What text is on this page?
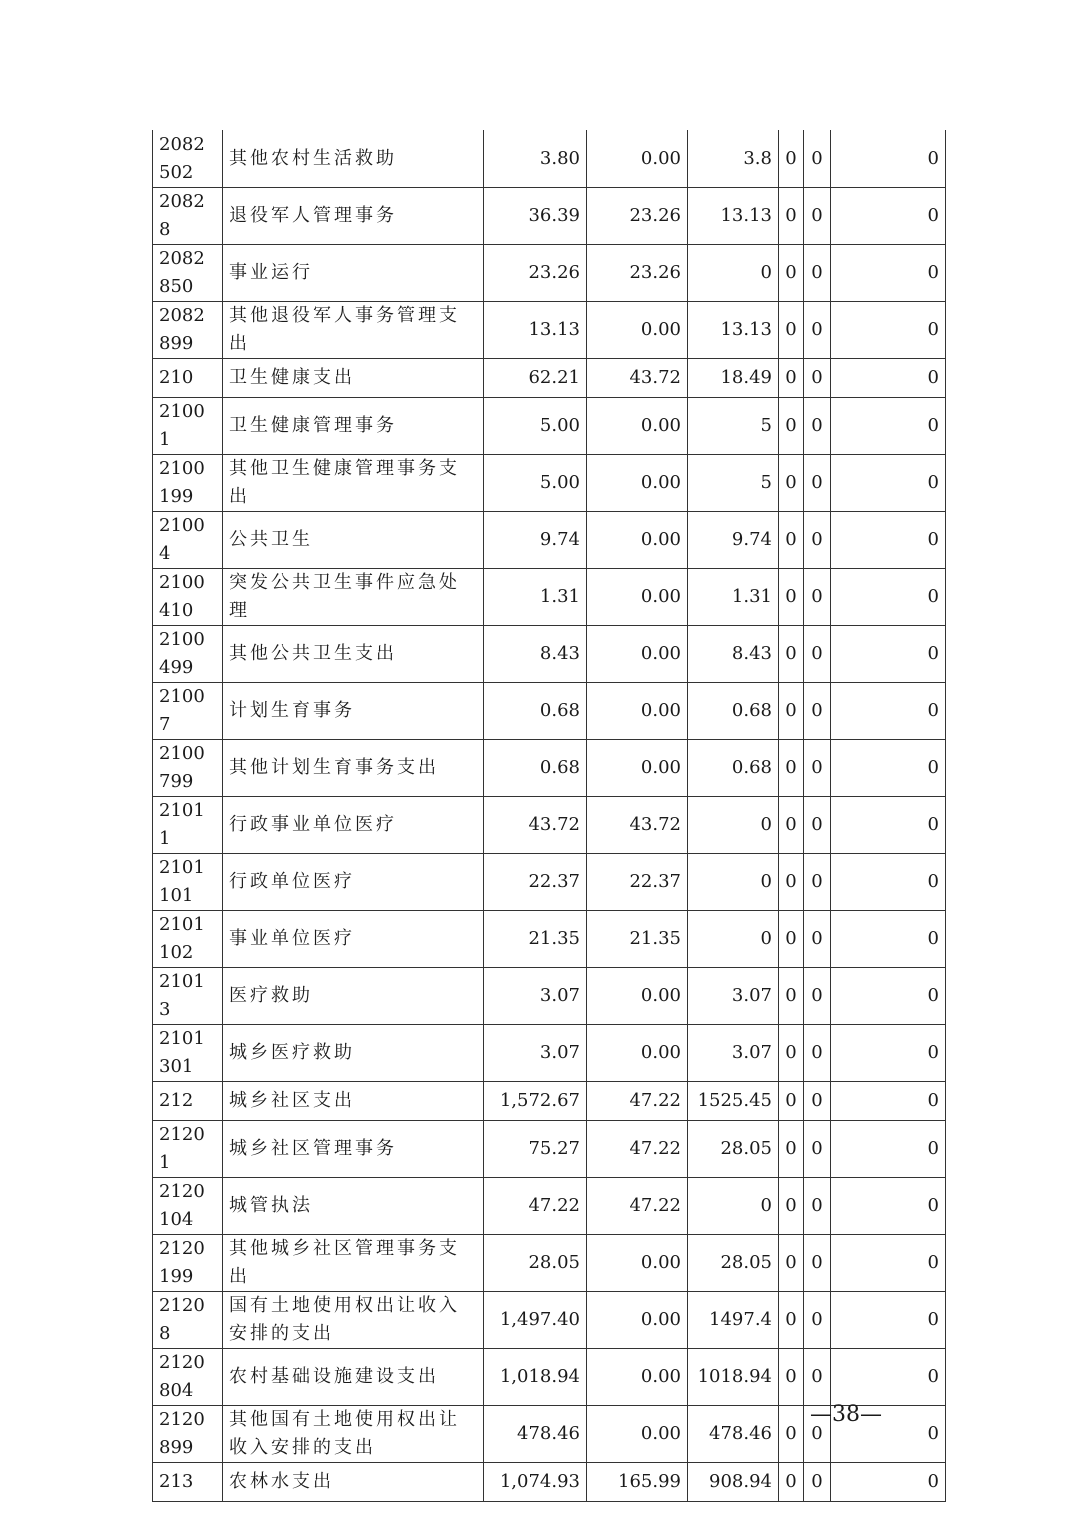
2082502	其他农村生活救助	3.80	0.00	3.8	0	0	0
20828	退役军人管理事务	36.39	23.26	13.13	0	0	0
2082850	事业运行	23.26	23.26	0	0	0	0
2082899	其他退役军人事务管理支出	13.13	0.00	13.13	0	0	0
210	卫生健康支出	62.21	43.72	18.49	0	0	0
21001	卫生健康管理事务	5.00	0.00	5	0	0	0
2100199	其他卫生健康管理事务支出	5.00	0.00	5	0	0	0
21004	公共卫生	9.74	0.00	9.74	0	0	0
2100410	突发公共卫生事件应急处理	1.31	0.00	1.31	0	0	0
2100499	其他公共卫生支出	8.43	0.00	8.43	0	0	0
21007	计划生育事务	0.68	0.00	0.68	0	0	0
2100799	其他计划生育事务支出	0.68	0.00	0.68	0	0	0
21011	行政事业单位医疗	43.72	43.72	0	0	0	0
2101101	行政单位医疗	22.37	22.37	0	0	0	0
2101102	事业单位医疗	21.35	21.35	0	0	0	0
21013	医疗救助	3.07	0.00	3.07	0	0	0
2101301	城乡医疗救助	3.07	0.00	3.07	0	0	0
212	城乡社区支出	1,572.67	47.22	1525.45	0	0	0
21201	城乡社区管理事务	75.27	47.22	28.05	0	0	0
2120104	城管执法	47.22	47.22	0	0	0	0
2120199	其他城乡社区管理事务支出	28.05	0.00	28.05	0	0	0
21208	国有土地使用权出让收入安排的支出	1,497.40	0.00	1497.4	0	0	0
2120804	农村基础设施建设支出	1,018.94	0.00	1018.94	0	0	0
2120899	其他国有土地使用权出让收入安排的支出	478.46	0.00	478.46	0	0	0
213	农林水支出	1,074.93	165.99	908.94	0	0	0
—38—
